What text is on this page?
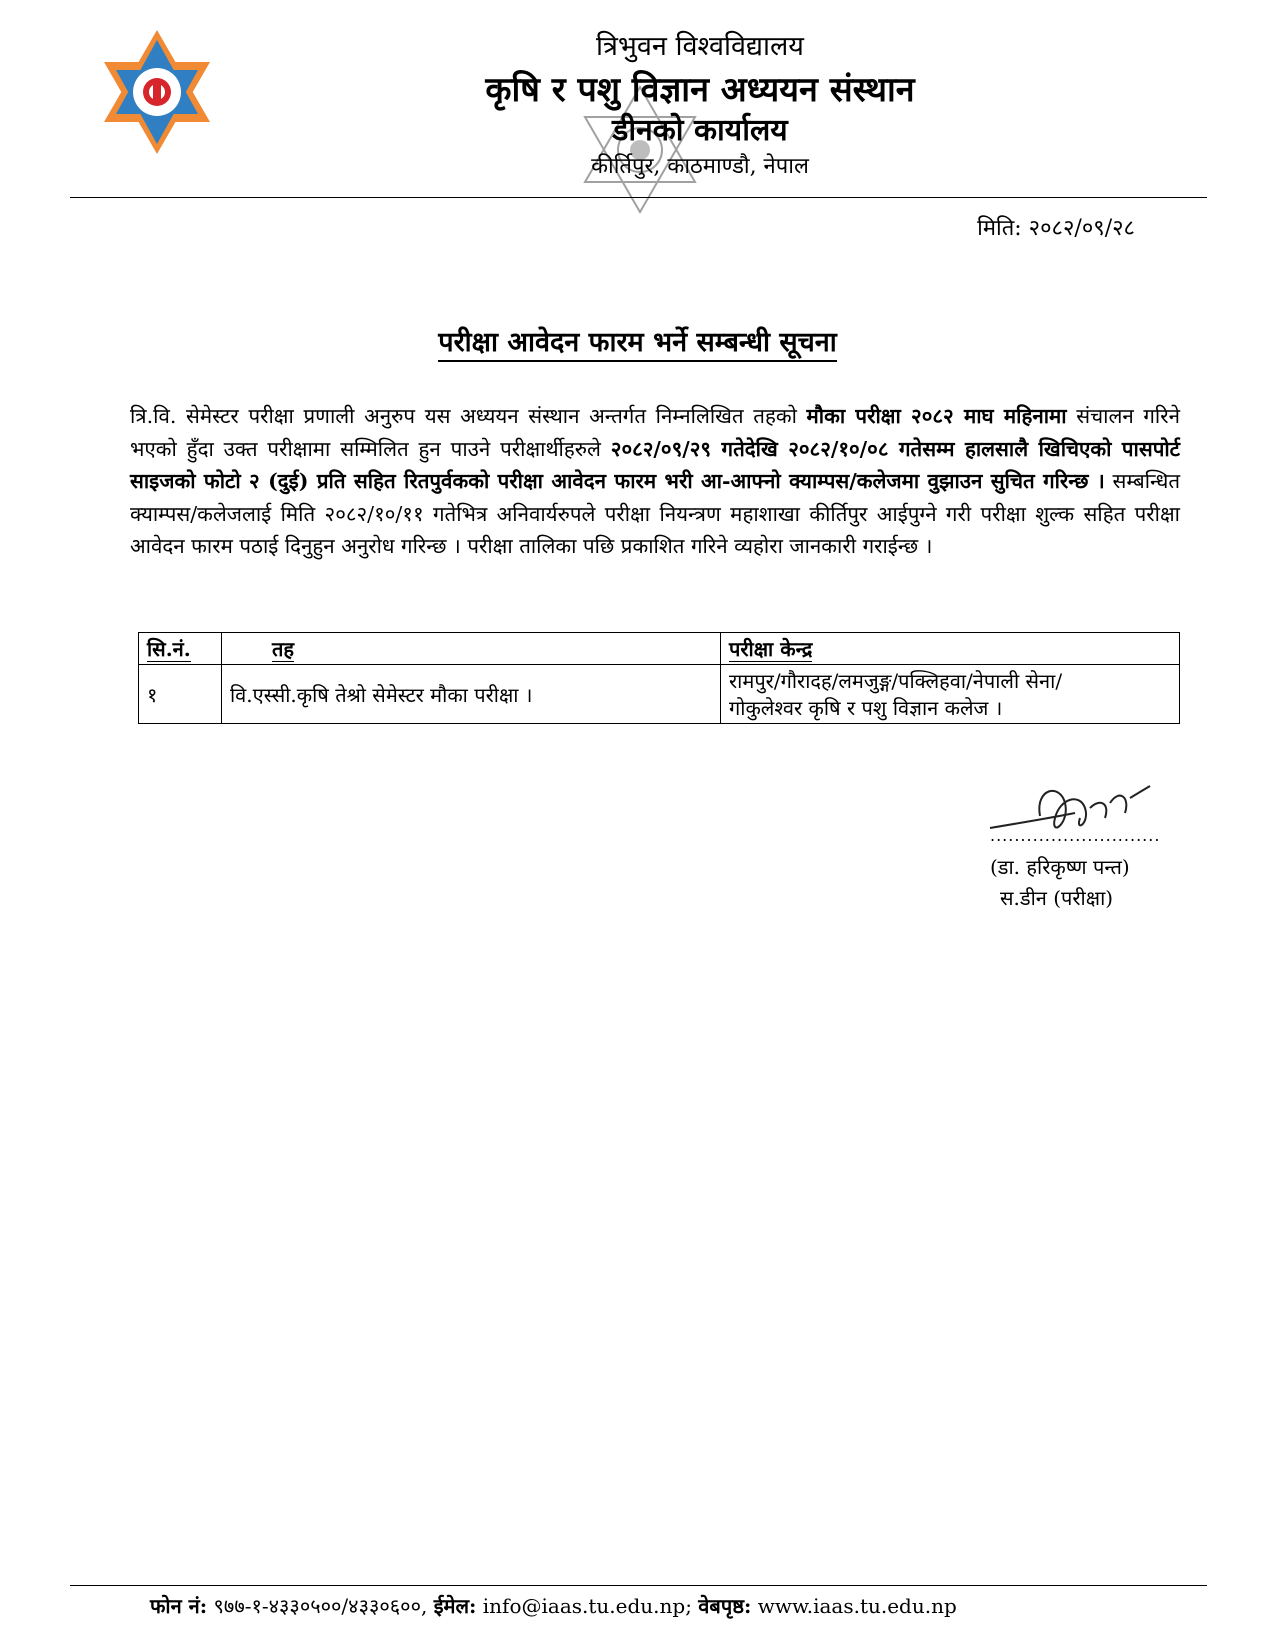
त्रिभुवन विश्वविद्यालय
कृषि र पशु विज्ञान अध्ययन संस्थान
डीनको कार्यालय
कीर्तिपुर, काठमाण्डौ, नेपाल
मिति: २०८२/०९/२८
परीक्षा आवेदन फारम भर्ने सम्बन्धी सूचना
त्रि.वि. सेमेस्टर परीक्षा प्रणाली अनुरुप यस अध्ययन संस्थान अन्तर्गत निम्नलिखित तहको मौका परीक्षा २०८२ माघ महिनामा संचालन गरिने भएको हुँदा उक्त परीक्षामा सम्मिलित हुन पाउने परीक्षार्थीहरुले २०८२/०९/२९ गतेदेखि २०८२/१०/०८ गतेसम्म हालसालै खिचिएको पासपोर्ट साइजको फोटो २ (दुई) प्रति सहित रितपुर्वकको परीक्षा आवेदन फारम भरी आ-आफ्नो क्याम्पस/कलेजमा वुझाउन सुचित गरिन्छ । सम्बन्धित क्याम्पस/कलेजलाई मिति २०८२/१०/११ गतेभित्र अनिवार्यरुपले परीक्षा नियन्त्रण महाशाखा कीर्तिपुर आईपुग्ने गरी परीक्षा शुल्क सहित परीक्षा आवेदन फारम पठाई दिनुहुन अनुरोध गरिन्छ । परीक्षा तालिका पछि प्रकाशित गरिने व्यहोरा जानकारी गराईन्छ ।
सि.नं.	तह	परीक्षा केन्द्र
१	वि.एस्सी.कृषि तेश्रो सेमेस्टर मौका परीक्षा ।	रामपुर/गौरादह/लमजुङ्ग/पक्लिहवा/नेपाली सेना/
गोकुलेश्वर कृषि र पशु विज्ञान कलेज ।
............................
(डा. हरिकृष्ण पन्त)
स.डीन (परीक्षा)
फोन नं: ९७७-१-४३३०५००/४३३०६००, ईमेल: info@iaas.tu.edu.np; वेबपृष्ठ: www.iaas.tu.edu.np
